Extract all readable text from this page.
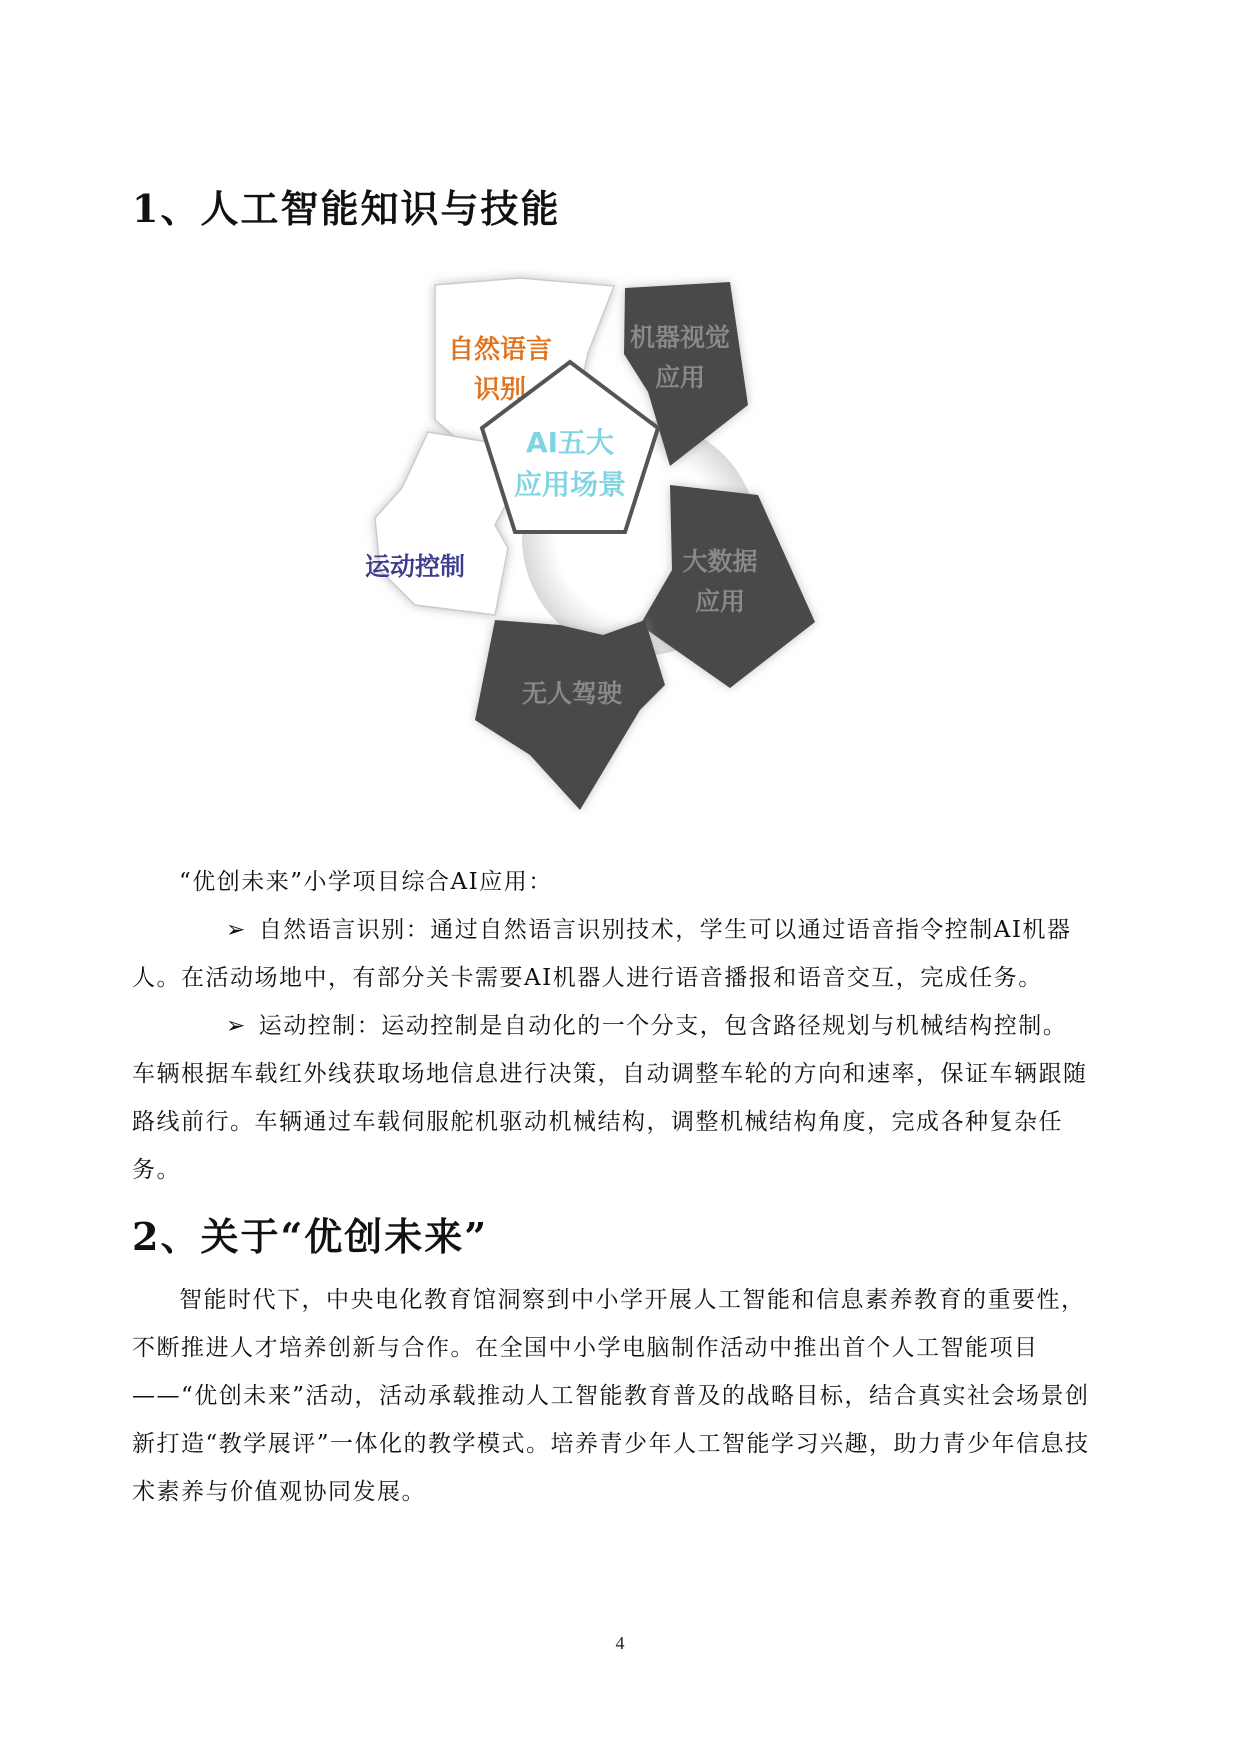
1、人工智能知识与技能
自然语言
识别
机器视觉
应用
大数据
应用
无人驾驶
运动控制
AI五大
应用场景

“优创未来”小学项目综合AI应用：

➢ 自然语言识别：通过自然语言识别技术，学生可以通过语音指令控制AI机器人。在活动场地中，有部分关卡需要AI机器人进行语音播报和语音交互，完成任务。

➢ 运动控制：运动控制是自动化的一个分支，包含路径规划与机械结构控制。 车辆根据车载红外线获取场地信息进行决策，自动调整车轮的方向和速率，保证车辆跟随路线前行。车辆通过车载伺服舵机驱动机械结构，调整机械结构角度，完成各种复杂任务。

2、关于“优创未来”

智能时代下，中央电化教育馆洞察到中小学开展人工智能和信息素养教育的重要性，不断推进人才培养创新与合作。在全国中小学电脑制作活动中推出首个人工智能项目——“优创未来”活动，活动承载推动人工智能教育普及的战略目标，结合真实社会场景创新打造“教学展评”一体化的教学模式。培养青少年人工智能学习兴趣，助力青少年信息技术素养与价值观协同发展。

4
